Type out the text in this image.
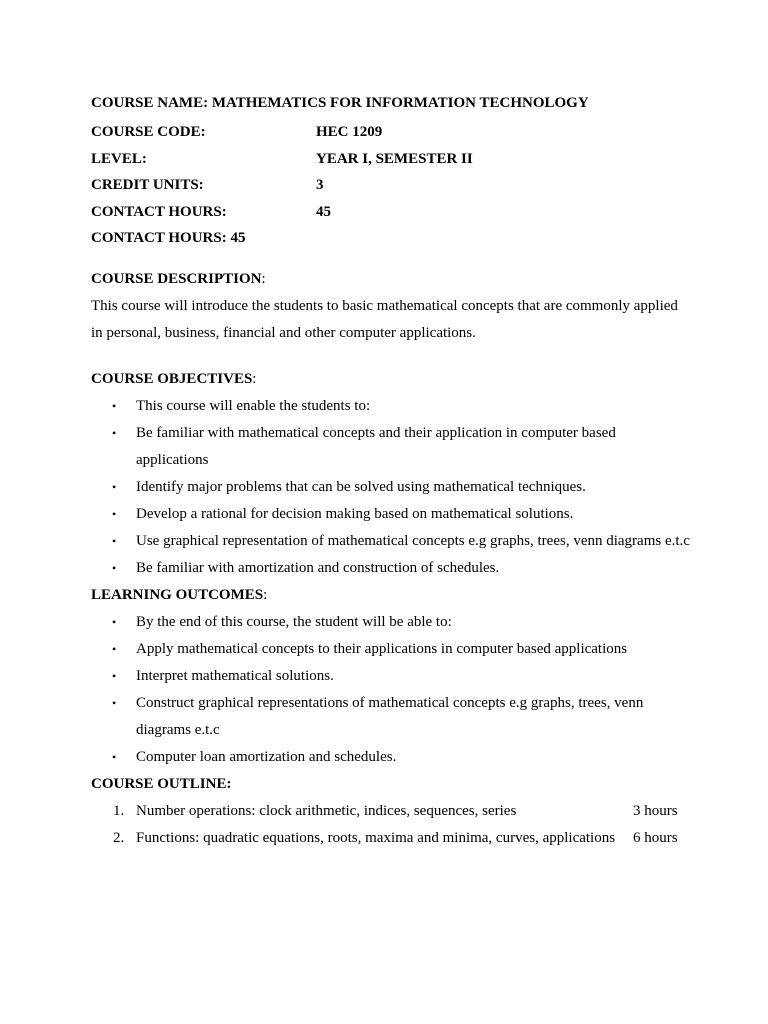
COURSE NAME: MATHEMATICS FOR INFORMATION TECHNOLOGY
COURSE CODE:	HEC 1209
LEVEL:	YEAR I, SEMESTER II
CREDIT UNITS:	3
CONTACT HOURS:	45
CONTACT HOURS: 45
COURSE DESCRIPTION:

This course will introduce the students to basic mathematical concepts that are commonly applied in personal, business, financial and other computer applications.

COURSE OBJECTIVES:
• This course will enable the students to:
• Be familiar with mathematical concepts and their application in computer based applications
• Identify major problems that can be solved using mathematical techniques.
• Develop a rational for decision making based on mathematical solutions.
• Use graphical representation of mathematical concepts e.g graphs, trees, venn diagrams e.t.c
• Be familiar with amortization and construction of schedules.
LEARNING OUTCOMES:
• By the end of this course, the student will be able to:
• Apply mathematical concepts to their applications in computer based applications
• Interpret mathematical solutions.
• Construct graphical representations of mathematical concepts e.g graphs, trees, venn diagrams e.t.c
• Computer loan amortization and schedules.
COURSE OUTLINE:
1. Number operations: clock arithmetic, indices, sequences, series	3 hours
2. Functions: quadratic equations, roots, maxima and minima, curves, applications	6 hours
